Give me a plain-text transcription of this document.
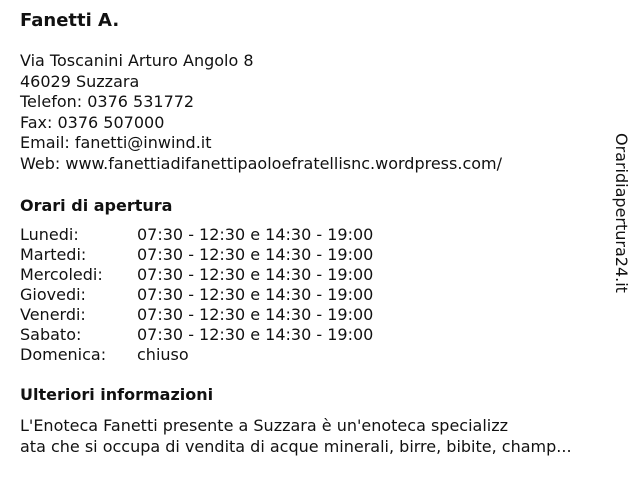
Fanetti A.
Via Toscanini Arturo Angolo 8
46029 Suzzara
Telefon: 0376 531772
Fax: 0376 507000
Email: fanetti@inwind.it
Web: www.fanettiadifanettipaoloefratellisnc.wordpress.com/
Orari di apertura
Lunedi:	07:30 - 12:30 e 14:30 - 19:00
Martedi:	07:30 - 12:30 e 14:30 - 19:00
Mercoledi:	07:30 - 12:30 e 14:30 - 19:00
Giovedi:	07:30 - 12:30 e 14:30 - 19:00
Venerdi:	07:30 - 12:30 e 14:30 - 19:00
Sabato:	07:30 - 12:30 e 14:30 - 19:00
Domenica:	chiuso
Ulteriori informazioni
L'Enoteca Fanetti presente a Suzzara è un'enoteca specializz
ata che si occupa di vendita di acque minerali, birre, bibite, champ...
Oraridiapertura24.it
